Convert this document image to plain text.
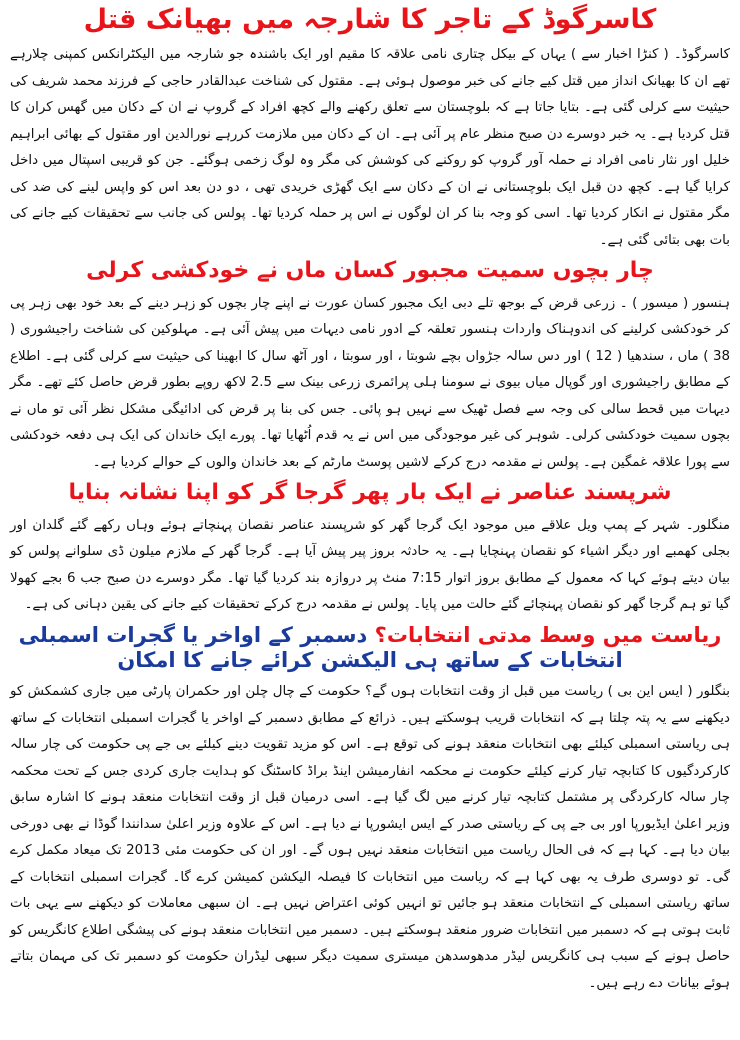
کاسرگوڈ کے تاجر کا شارجہ میں بھیانک قتل

کاسرگوڈ۔ ( کنڑا اخبار سے ) یہاں کے بیکل چتاری نامی علاقہ کا مقیم اور ایک باشندہ جو شارجہ میں الیکٹرانکس کمپنی چلارہے تھے ان کا بھیانک انداز میں قتل کیے جانے کی خبر موصول ہوئی ہے۔ مقتول کی شناخت عبدالقادر حاجی کے فرزند محمد شریف کی حیثیت سے کرلی گئی ہے۔ بتایا جاتا ہے کہ بلوچستان سے تعلق رکھنے والے کچھ افراد کے گروپ نے ان کے دکان میں گھس کران کا قتل کردیا ہے۔ یہ خبر دوسرے دن صبح منظر عام پر آئی ہے۔ ان کے دکان میں ملازمت کررہے نورالدین اور مقتول کے بھائی ابراہیم خلیل اور نثار نامی افراد نے حملہ آور گروپ کو روکنے کی کوشش کی مگر وہ لوگ زخمی ہوگئے۔ جن کو قریبی اسپتال میں داخل کرایا گیا ہے۔ کچھ دن قبل ایک بلوچستانی نے ان کے دکان سے ایک گھڑی خریدی تھی ، دو دن بعد اس کو واپس لینے کی ضد کی مگر مقتول نے انکار کردیا تھا۔ اسی کو وجہ بنا کر ان لوگوں نے اس پر حملہ کردیا تھا۔ پولس کی جانب سے تحقیقات کیے جانے کی بات بھی بتائی گئی ہے۔

چار بچوں سمیت مجبور کسان ماں نے خودکشی کرلی

ہنسور ( میسور ) ۔ زرعی قرض کے بوجھ تلے دبی ایک مجبور کسان عورت نے اپنے چار بچوں کو زہر دینے کے بعد خود بھی زہر پی کر خودکشی کرلینے کی اندوہناک واردات ہنسور تعلقہ کے ادور نامی دیہات میں پیش آئی ہے۔ مہلوکین کی شناخت راجیشوری ( 38 ) ماں ، سندھیا ( 12 ) اور دس سالہ جڑواں بچے شوبتا ، اور سوبتا ، اور آٹھ سال کا ابھینا کی حیثیت سے کرلی گئی ہے۔ اطلاع کے مطابق راجیشوری اور گوپال میاں بیوی نے سومنا ہلی پرائمری زرعی بینک سے 2.5 لاکھ روپے بطور قرض حاصل کئے تھے۔ مگر دیہات میں قحط سالی کی وجہ سے فصل ٹھیک سے نہیں ہو پائی۔ جس کی بنا پر قرض کی ادائیگی مشکل نظر آئی تو ماں نے بچوں سمیت خودکشی کرلی۔ شوہر کی غیر موجودگی میں اس نے یہ قدم اُٹھایا تھا۔ پورے ایک خاندان کی ایک ہی دفعہ خودکشی سے پورا علاقہ غمگین ہے۔ پولس نے مقدمہ درج کرکے لاشیں پوسٹ مارٹم کے بعد خاندان والوں کے حوالے کردیا ہے۔

شرپسند عناصر نے ایک بار پھر گرجا گر کو اپنا نشانہ بنایا

منگلور۔ شہر کے پمپ ویل علاقے میں موجود ایک گرجا گھر کو شرپسند عناصر نقصان پہنچاتے ہوئے وہاں رکھے گئے گلدان اور بجلی کھمبے اور دیگر اشیاء کو نقصان پہنچایا ہے۔ یہ حادثہ بروز پیر پیش آیا ہے۔ گرجا گھر کے ملازم میلون ڈی سلوانے پولس کو بیان دیتے ہوئے کہا کہ معمول کے مطابق بروز اتوار 7:15 منٹ پر دروازہ بند کردیا گیا تھا۔ مگر دوسرے دن صبح جب 6 بجے کھولا گیا تو ہم گرجا گھر کو نقصان پہنچائے گئے حالت میں پایا۔ پولس نے مقدمہ درج کرکے تحقیقات کیے جانے کی یقین دہانی کی ہے۔

ریاست میں وسط مدتی انتخابات؟ دسمبر کے اواخر یا گجرات اسمبلی انتخابات کے ساتھ ہی الیکشن کرائے جانے کا امکان

بنگلور ( ایس این بی ) ریاست میں قبل از وقت انتخابات ہوں گے؟ حکومت کے چال چلن اور حکمران پارٹی میں جاری کشمکش کو دیکھنے سے یہ پتہ چلتا ہے کہ انتخابات قریب ہوسکتے ہیں۔ ذرائع کے مطابق دسمبر کے اواخر یا گجرات اسمبلی انتخابات کے ساتھ ہی ریاستی اسمبلی کیلئے بھی انتخابات منعقد ہونے کی توقع ہے۔ اس کو مزید تقویت دینے کیلئے بی جے پی حکومت کی چار سالہ کارکردگیوں کا کتابچہ تیار کرنے کیلئے حکومت نے محکمہ انفارمیشن اینڈ براڈ کاسٹنگ کو ہدایت جاری کردی جس کے تحت محکمہ چار سالہ کارکردگی پر مشتمل کتابچہ تیار کرنے میں لگ گیا ہے۔ اسی درمیان قبل از وقت انتخابات منعقد ہونے کا اشارہ سابق وزیر اعلیٰ ایڈیورپا اور بی جے پی کے ریاستی صدر کے ایس ایشورپا نے دیا ہے۔ اس کے علاوہ وزیر اعلیٰ سدانندا گوڈا نے بھی دورخی بیان دیا ہے۔ کہا ہے کہ فی الحال ریاست میں انتخابات منعقد نہیں ہوں گے۔ اور ان کی حکومت مئی 2013 تک میعاد مکمل کرے گی۔ تو دوسری طرف یہ بھی کہا ہے کہ ریاست میں انتخابات کا فیصلہ الیکشن کمیشن کرے گا۔ گجرات اسمبلی انتخابات کے ساتھ ریاستی اسمبلی کے انتخابات منعقد ہو جائیں تو انہیں کوئی اعتراض نہیں ہے۔ ان سبھی معاملات کو دیکھنے سے یہی بات ثابت ہوتی ہے کہ دسمبر میں انتخابات ضرور منعقد ہوسکتے ہیں۔ دسمبر میں انتخابات منعقد ہونے کی پیشگی اطلاع کانگریس کو حاصل ہونے کے سبب ہی کانگریس لیڈر مدھوسدھن میستری سمیت دیگر سبھی لیڈران حکومت کو دسمبر تک کی مہمان بتاتے ہوئے بیانات دے رہے ہیں۔
